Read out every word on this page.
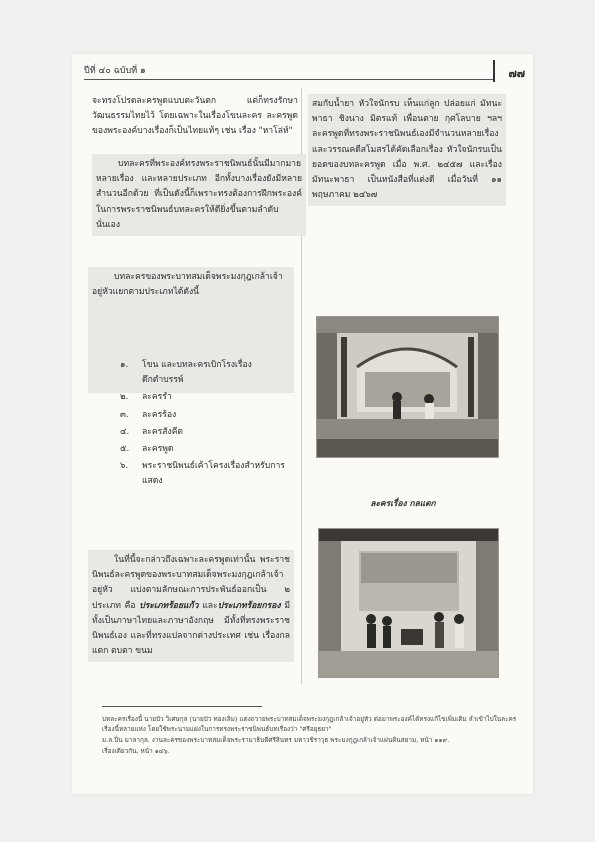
ปีที่ ๔๐ ฉบับที่ ๑	๗๗

จะทรงโปรดละครพูดแบบตะวันตก แต่ก็ทรงรักษาวัฒนธรรมไทยไว้ โดยเฉพาะในเรื่องโขนละคร ละครพูดของพระองค์บางเรื่องก็เป็นไทยแท้ๆ เช่น เรื่อง "หาโล่ห์"

บทละครที่พระองค์ทรงพระราชนิพนธ์นั้นมีมากมายหลายเรื่อง และหลายประเภท อีกทั้งบางเรื่องยังมีหลายสำนวนอีกด้วย ที่เป็นดังนี้ก็เพราะทรงต้องการฝึกพระองค์ในการพระราชนิพนธ์บทละครให้ดียิ่งขึ้นตามลำดับนั่นเอง

บทละครของพระบาทสมเด็จพระมงกุฎเกล้าเจ้าอยู่หัวแยกตามประเภทได้ดังนี้

๑.	โขน และบทละครเบิกโรงเรื่องดึกดำบรรพ์
๒.	ละครรำ
๓.	ละครร้อง
๔.	ละครสังคีต
๕.	ละครพูด
๖.	พระราชนิพนธ์เค้าโครงเรื่องสำหรับการแสดง

ในที่นี้จะกล่าวถึงเฉพาะละครพูดเท่านั้น พระราชนิพนธ์ละครพูดของพระบาทสมเด็จพระมงกุฎเกล้าเจ้าอยู่หัว แบ่งตามลักษณะการประพันธ์ออกเป็น ๒ ประเภท คือ ประเภทร้อยแก้ว และประเภทร้อยกรอง มีทั้งเป็นภาษาไทยและภาษาอังกฤษ มีทั้งที่ทรงพระราชนิพนธ์เอง และที่ทรงแปลจากต่างประเทศ เช่น เรื่องกลแตก ตบตา ขนม

สมกับน้ำยา หัวใจนักรบ เห็นแก่ลูก ปล่อยแก่ มัทนะพาธา ชิงนาง มิตรแท้ เพื่อนตาย กุศโลบาย ฯลฯ ละครพูดที่ทรงพระราชนิพนธ์เองมีจำนวนหลายเรื่องและวรรณคดีสโมสรได้คัดเลือกเรื่อง หัวใจนักรบเป็นยอดของบทละครพูด เมื่อ พ.ศ. ๒๔๕๗ และเรื่องมัทนะพาธา เป็นหนังสือที่แต่งดี เมื่อวันที่ ๑๑ พฤษภาคม ๒๔๖๗

ละครเรื่อง กลแตก

บทละครเรื่องนี้ นายบัว วิเศษกุล (นายบัว ทองเลิม) แต่งถวายพระบาทสมเด็จพระมงกุฎเกล้าเจ้าอยู่หัว ต่อมาพระองค์ได้ทรงแก้ไขเพิ่มเติม ลำเข้าไปในละครเรื่องนี้หลายแห่ง โดยใช้พระนามแฝงในการทรงพระราชนิพนธ์บทเรื่องว่า "ศรีอยุธยา"

ม.ล.ปิ่น มาลากุล. งานละครของพระบาทสมเด็จพระรามาธิบดีศรีสินทร มหาวชิราวุธ พระมงกุฎเกล้าเจ้าแผ่นดินสยาม, หน้า ๑๑๙.

เรื่องเดียวกัน, หน้า ๑๔๖.
